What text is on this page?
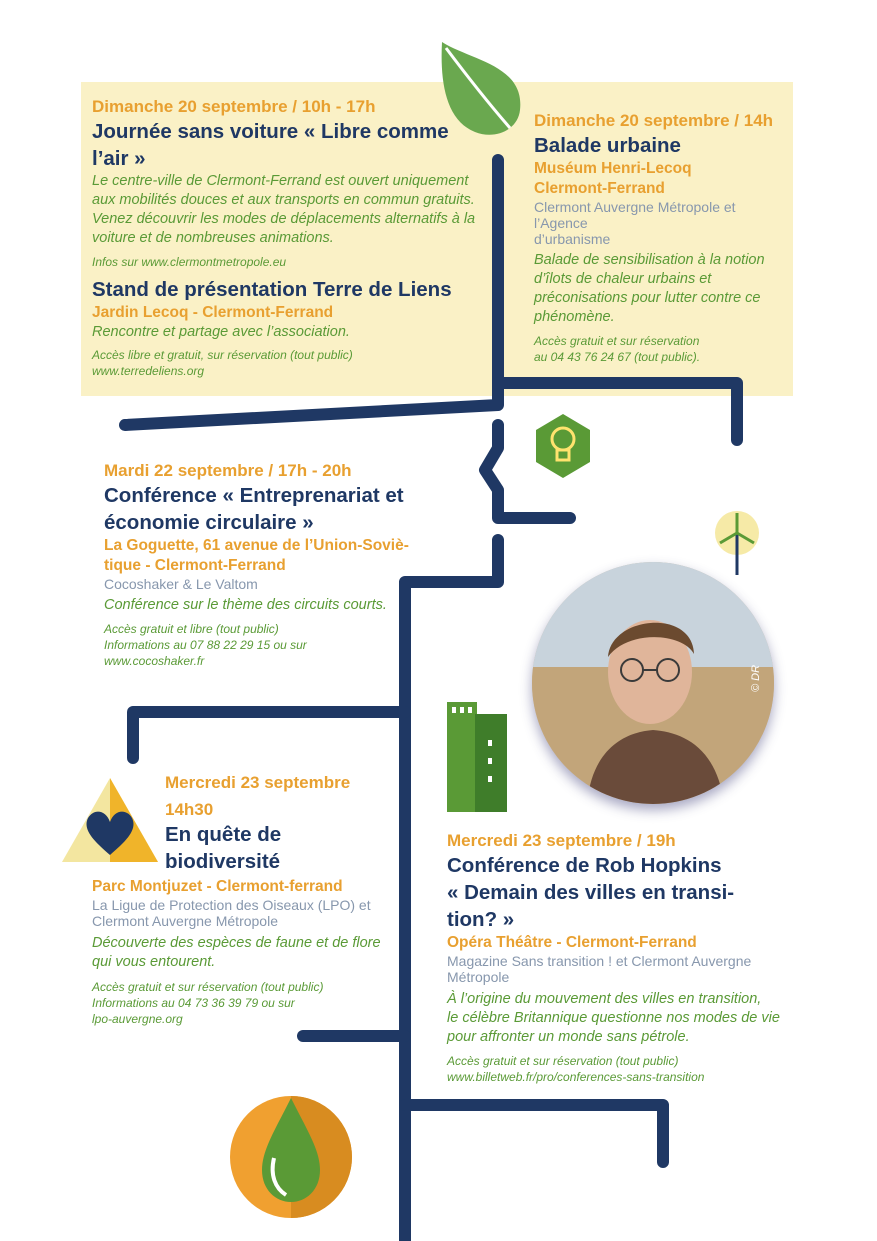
© DR
Dimanche 20 septembre / 10h - 17h
Journée sans voiture « Libre comme
l’air »
Le centre-ville de Clermont-Ferrand est ouvert uniquement
aux mobilités douces et aux transports en commun gratuits.
Venez découvrir les modes de déplacements alternatifs à la
voiture et de nombreuses animations.
Infos sur www.clermontmetropole.eu
Stand de présentation Terre de Liens
Jardin Lecoq - Clermont-Ferrand
Rencontre et partage avec l’association.
Accès libre et gratuit, sur réservation (tout public)
www.terredeliens.org
Dimanche 20 septembre / 14h
Balade urbaine
Muséum Henri-Lecoq
Clermont-Ferrand
Clermont Auvergne Métropole et l’Agence
d’urbanisme
Balade de sensibilisation à la notion
d’îlots de chaleur urbains et
préconisations pour lutter contre ce
phénomène.
Accès gratuit et sur réservation
au 04 43 76 24 67 (tout public).
Mardi 22 septembre / 17h - 20h
Conférence « Entreprenariat et
économie circulaire »
La Goguette, 61 avenue de l’Union-Soviè-
tique - Clermont-Ferrand
Cocoshaker & Le Valtom
Conférence sur le thème des circuits courts.
Accès gratuit et libre (tout public)
Informations au 07 88 22 29 15 ou sur
www.cocoshaker.fr
Mercredi 23 septembre
14h30
En quête de
biodiversité
Parc Montjuzet - Clermont-ferrand
La Ligue de Protection des Oiseaux (LPO) et
Clermont Auvergne Métropole
Découverte des espèces de faune et de flore
qui vous entourent.
Accès gratuit et sur réservation (tout public)
Informations au 04 73 36 39 79 ou sur
lpo-auvergne.org
Mercredi 23 septembre / 19h
Conférence de Rob Hopkins
« Demain des villes en transi-
tion? »
Opéra Théâtre - Clermont-Ferrand
Magazine Sans transition ! et Clermont Auvergne
Métropole
À l’origine du mouvement des villes en transition,
le célèbre Britannique questionne nos modes de vie
pour affronter un monde sans pétrole.
Accès gratuit et sur réservation (tout public)
www.billetweb.fr/pro/conferences-sans-transition
